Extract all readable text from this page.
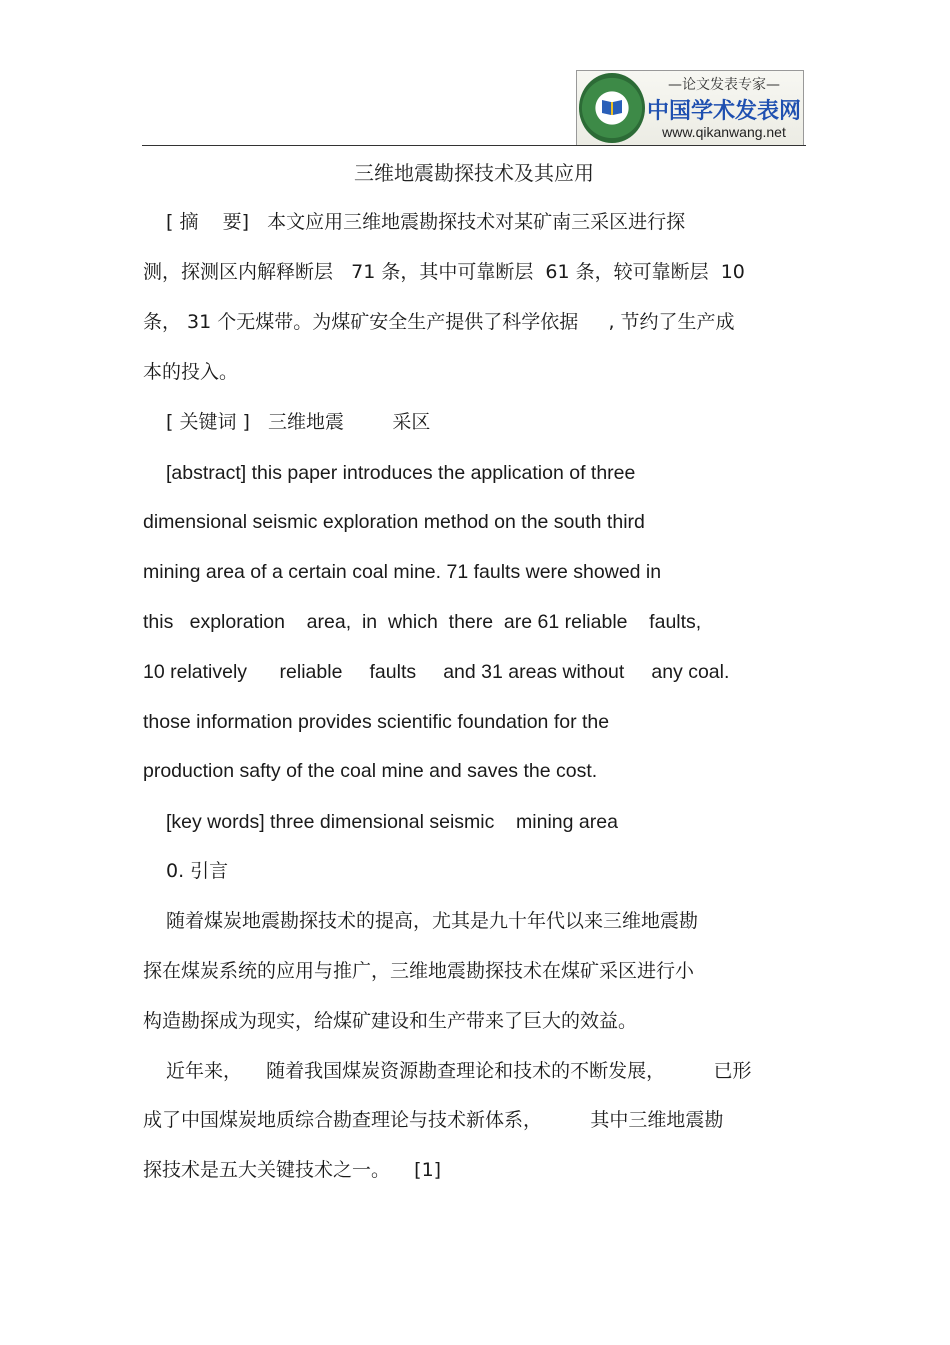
—论文发表专家—
中国学术发表网
www.qikanwang.net
三维地震勘探技术及其应用
[ 摘    要]   本文应用三维地震勘探技术对某矿南三采区进行探
测，探测区内解释断层   71 条，其中可靠断层  61 条，较可靠断层  10
条， 31 个无煤带。为煤矿安全生产提供了科学依据     , 节约了生产成
本的投入。
[ 关键词 ]   三维地震        采区
[abstract] this paper introduces the application of three
dimensional seismic exploration method on the south third
mining area of a certain coal mine. 71 faults were showed in
this   exploration    area,  in  which  there  are 61 reliable    faults,
10 relatively      reliable     faults     and 31 areas without     any coal.
those information provides scientific foundation for the
production safty of the coal mine and saves the cost.
[key words] three dimensional seismic    mining area
0. 引言
随着煤炭地震勘探技术的提高，尤其是九十年代以来三维地震勘
探在煤炭系统的应用与推广，三维地震勘探技术在煤矿采区进行小
构造勘探成为现实，给煤矿建设和生产带来了巨大的效益。
近年来，    随着我国煤炭资源勘查理论和技术的不断发展，        已形
成了中国煤炭地质综合勘查理论与技术新体系，        其中三维地震勘
探技术是五大关键技术之一。    [1]
